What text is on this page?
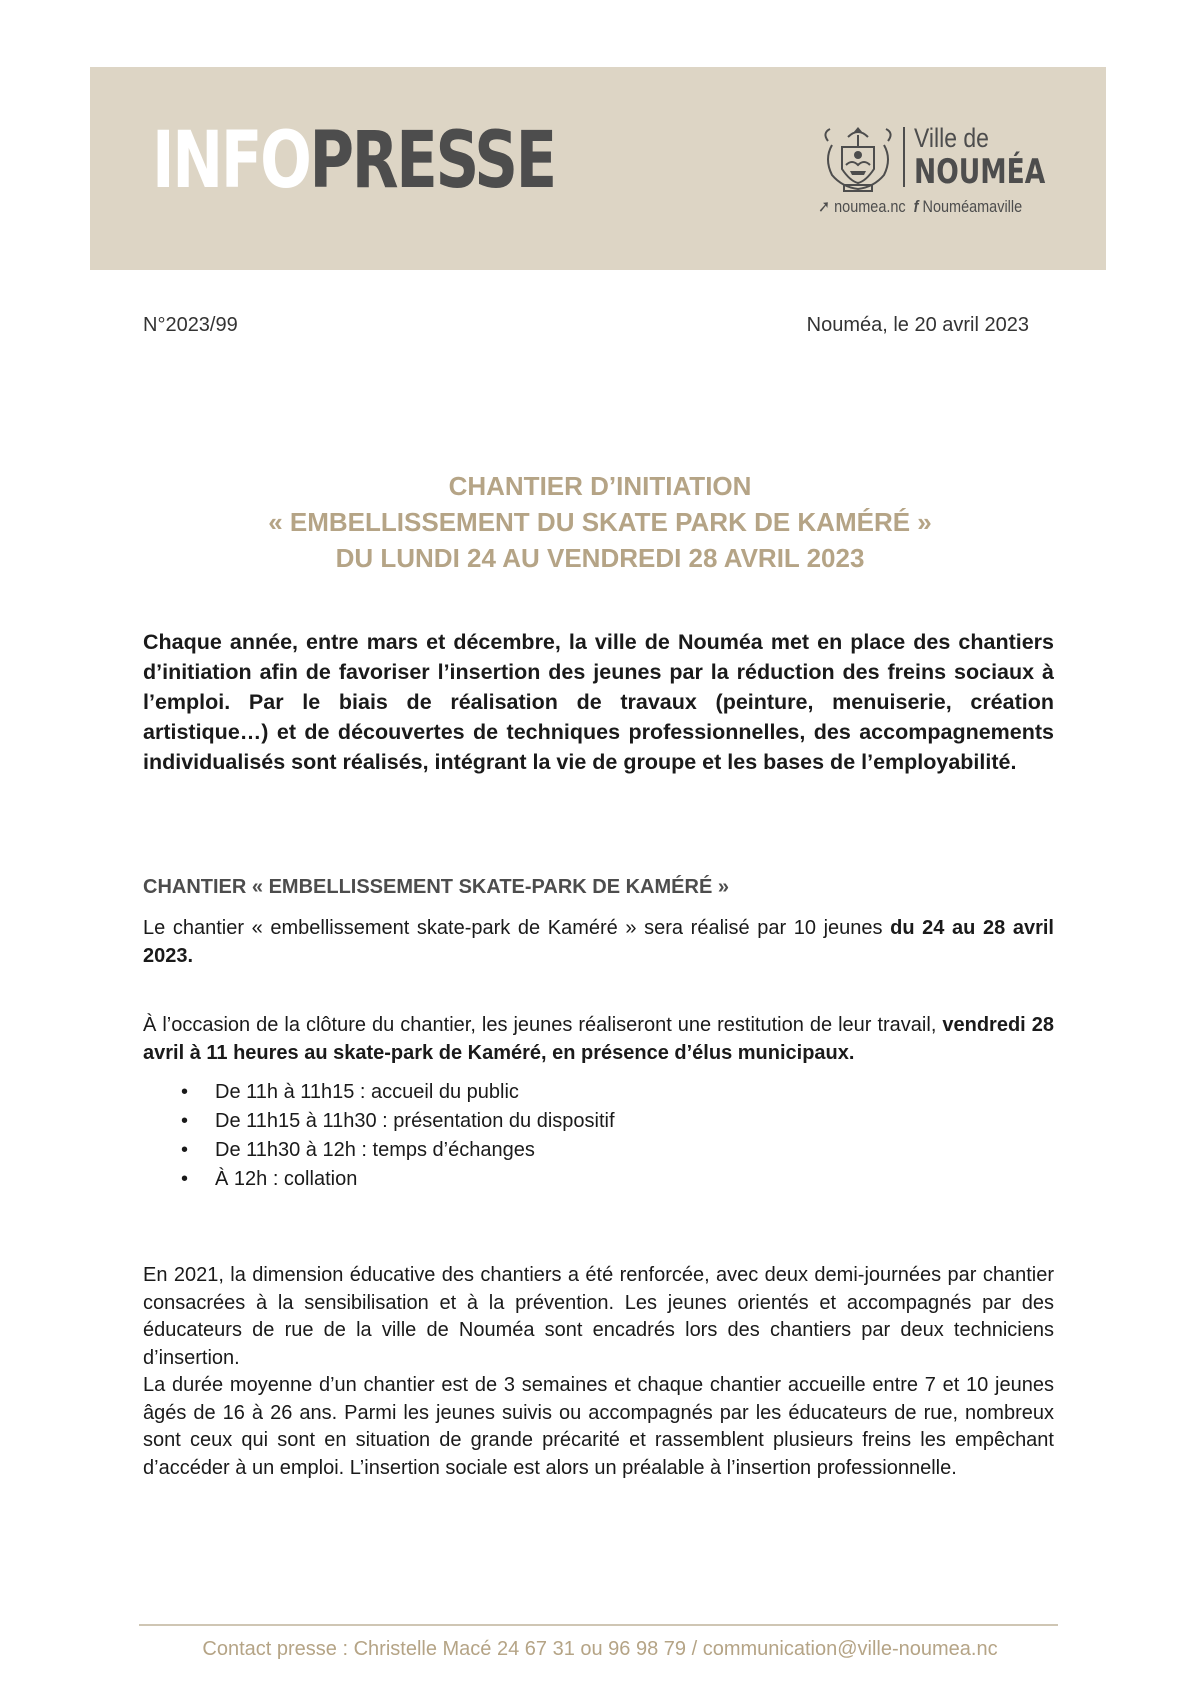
INFOPRESSE	Ville de
NOUMÉA
➚ noumea.nc f Nouméamaville
N°2023/99	Nouméa, le 20 avril 2023
CHANTIER D’INITIATION
« EMBELLISSEMENT DU SKATE PARK DE KAMÉRÉ »
DU LUNDI 24 AU VENDREDI 28 AVRIL 2023

Chaque année, entre mars et décembre, la ville de Nouméa met en place des chantiers d’initiation afin de favoriser l’insertion des jeunes par la réduction des freins sociaux à l’emploi. Par le biais de réalisation de travaux (peinture, menuiserie, création artistique…) et de découvertes de techniques professionnelles, des accompagnements individualisés sont réalisés, intégrant la vie de groupe et les bases de l’employabilité.

CHANTIER « EMBELLISSEMENT SKATE-PARK DE KAMÉRÉ »

Le chantier « embellissement skate-park de Kaméré » sera réalisé par 10 jeunes du 24 au 28 avril 2023.

À l’occasion de la clôture du chantier, les jeunes réaliseront une restitution de leur travail, vendredi 28 avril à 11 heures au skate-park de Kaméré, en présence d’élus municipaux.

• De 11h à 11h15 : accueil du public
• De 11h15 à 11h30 : présentation du dispositif
• De 11h30 à 12h : temps d’échanges
• À 12h : collation

En 2021, la dimension éducative des chantiers a été renforcée, avec deux demi-journées par chantier consacrées à la sensibilisation et à la prévention. Les jeunes orientés et accompagnés par des éducateurs de rue de la ville de Nouméa sont encadrés lors des chantiers par deux techniciens d’insertion.

La durée moyenne d’un chantier est de 3 semaines et chaque chantier accueille entre 7 et 10 jeunes âgés de 16 à 26 ans. Parmi les jeunes suivis ou accompagnés par les éducateurs de rue, nombreux sont ceux qui sont en situation de grande précarité et rassemblent plusieurs freins les empêchant d’accéder à un emploi. L’insertion sociale est alors un préalable à l’insertion professionnelle.

Contact presse : Christelle Macé 24 67 31 ou 96 98 79 / communication@ville-noumea.nc
